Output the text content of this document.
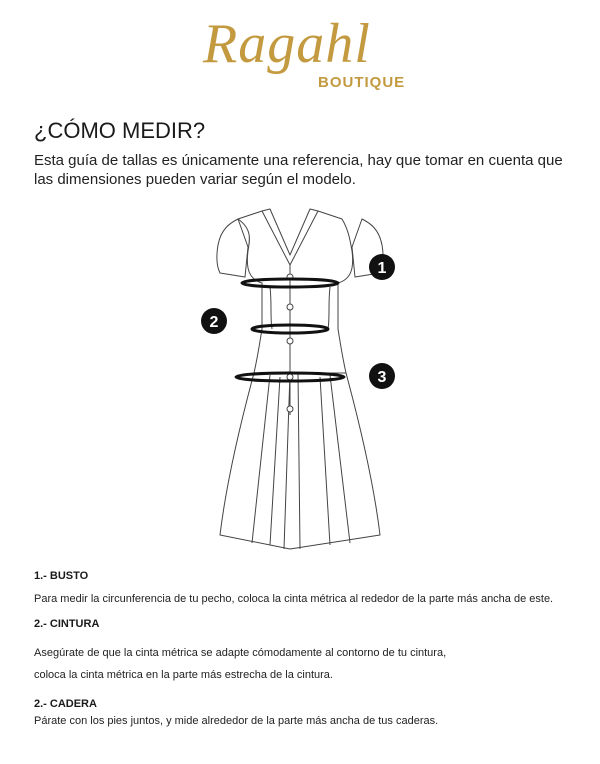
Ragahl
BOUTIQUE
¿CÓMO MEDIR?

Esta guía de tallas es únicamente una referencia, hay que tomar en cuenta que
las dimensiones pueden variar según el modelo.

1
2
3
1.- BUSTO

Para medir la circunferencia de tu pecho, coloca la cinta métrica al rededor de la parte más ancha de este.

2.- CINTURA

Asegúrate de que la cinta métrica se adapte cómodamente al contorno de tu cintura,

coloca la cinta métrica en la parte más estrecha de la cintura.

2.- CADERA

Párate con los pies juntos, y mide alrededor de la parte más ancha de tus caderas.
